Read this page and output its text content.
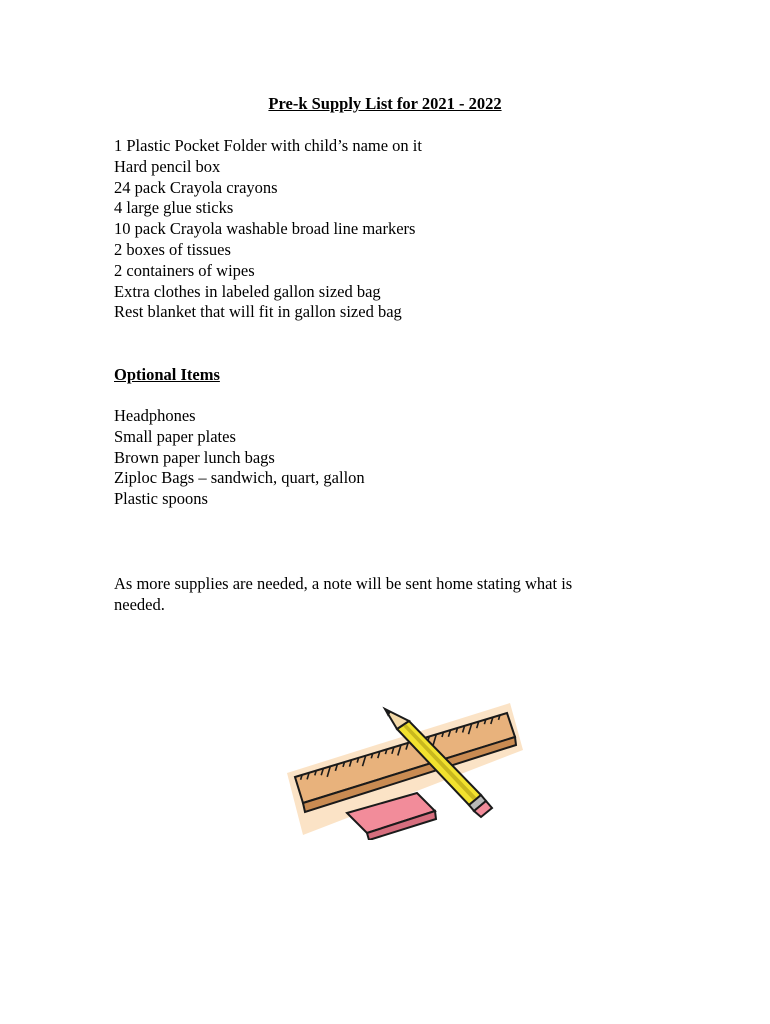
Pre-k Supply List for 2021 - 2022
1 Plastic Pocket Folder with child’s name on it
Hard pencil box
24 pack Crayola crayons
4 large glue sticks
10 pack Crayola washable broad line markers
2 boxes of tissues
2 containers of wipes
Extra clothes in labeled gallon sized bag
Rest blanket that will fit in gallon sized bag
Optional Items
Headphones
Small paper plates
Brown paper lunch bags
Ziploc Bags – sandwich, quart, gallon
Plastic spoons

As more supplies are needed, a note will be sent home stating what is needed.
